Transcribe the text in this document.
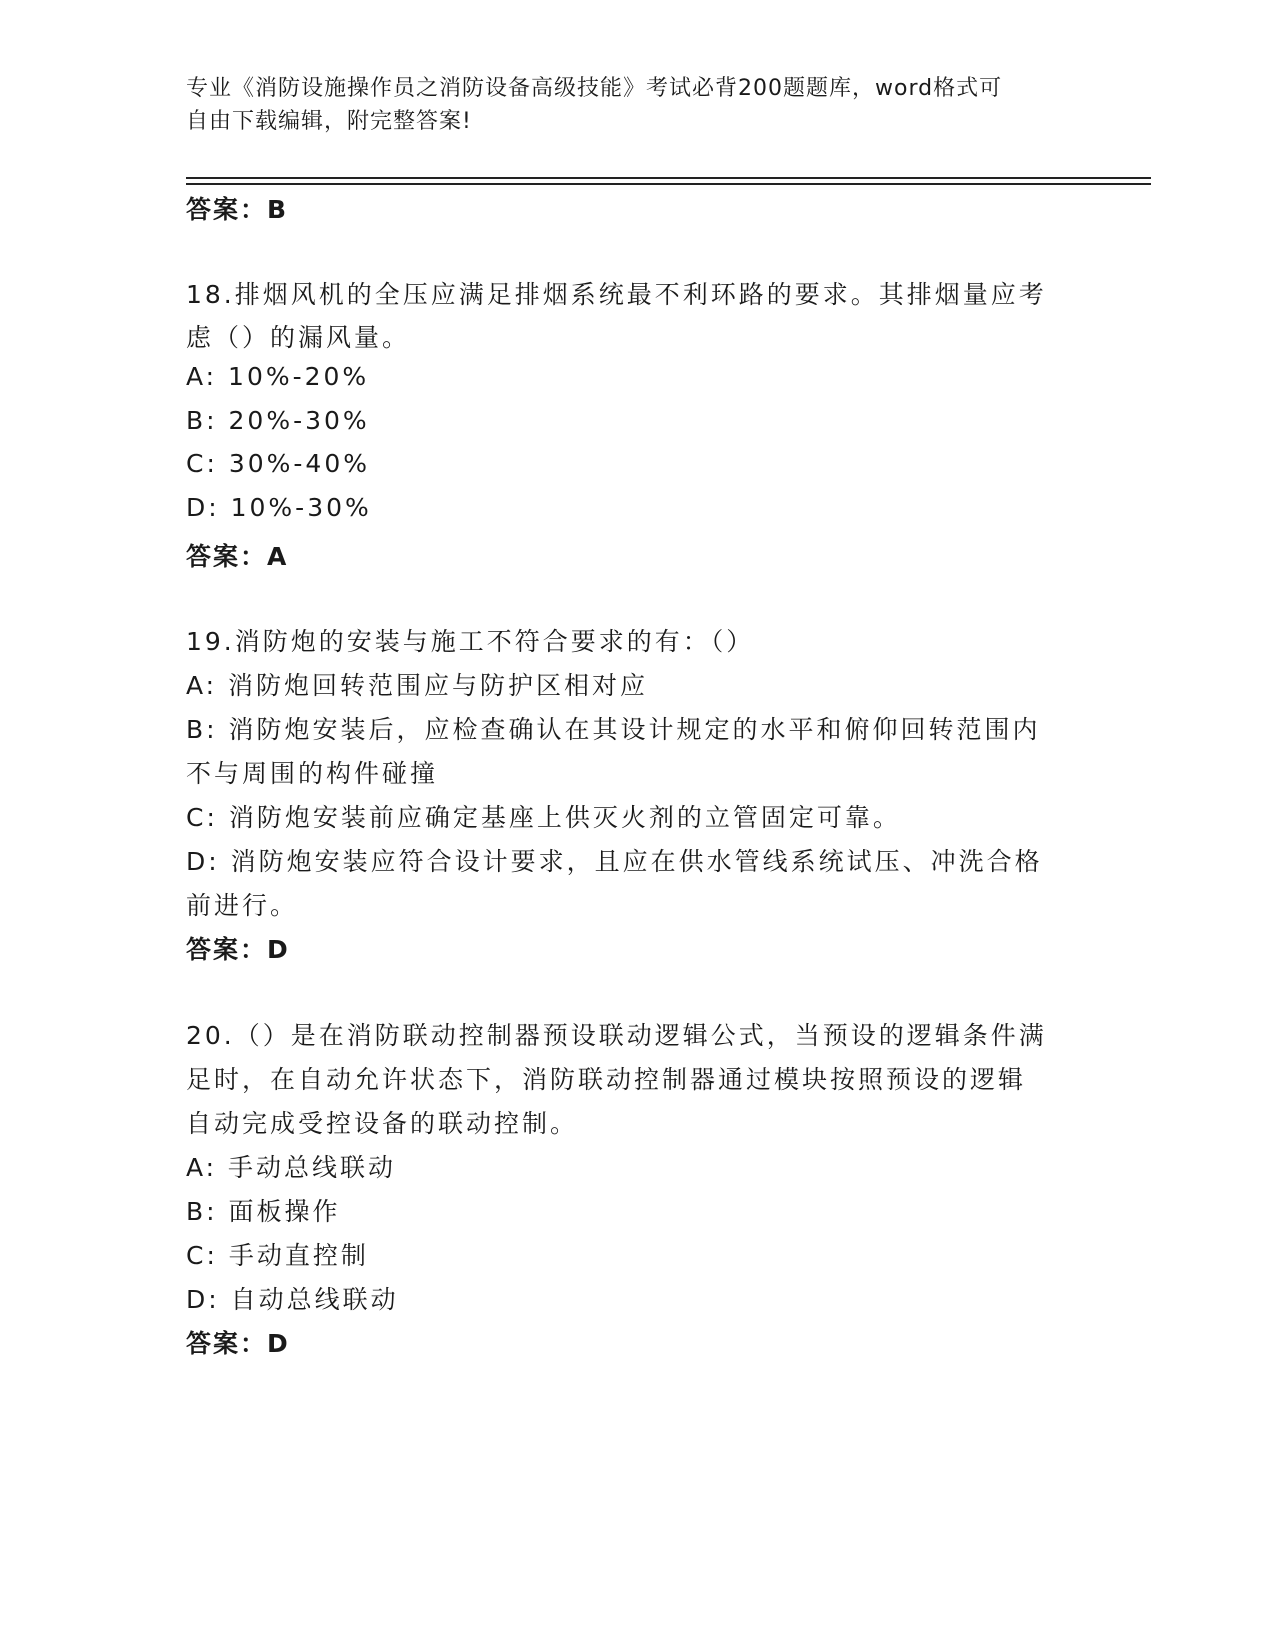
专业《消防设施操作员之消防设备高级技能》考试必背200题题库，word格式可
自由下载编辑，附完整答案!
答案：B
18.排烟风机的全压应满足排烟系统最不利环路的要求。其排烟量应考
虑（）的漏风量。
A: 10%-20%
B: 20%-30%
C: 30%-40%
D: 10%-30%
答案：A
19.消防炮的安装与施工不符合要求的有：（）
A: 消防炮回转范围应与防护区相对应
B: 消防炮安装后，应检查确认在其设计规定的水平和俯仰回转范围内
不与周围的构件碰撞
C: 消防炮安装前应确定基座上供灭火剂的立管固定可靠。
D: 消防炮安装应符合设计要求，且应在供水管线系统试压、冲洗合格
前进行。
答案：D
20.（）是在消防联动控制器预设联动逻辑公式，当预设的逻辑条件满
足时，在自动允许状态下，消防联动控制器通过模块按照预设的逻辑
自动完成受控设备的联动控制。
A: 手动总线联动
B: 面板操作
C: 手动直控制
D: 自动总线联动
答案：D
